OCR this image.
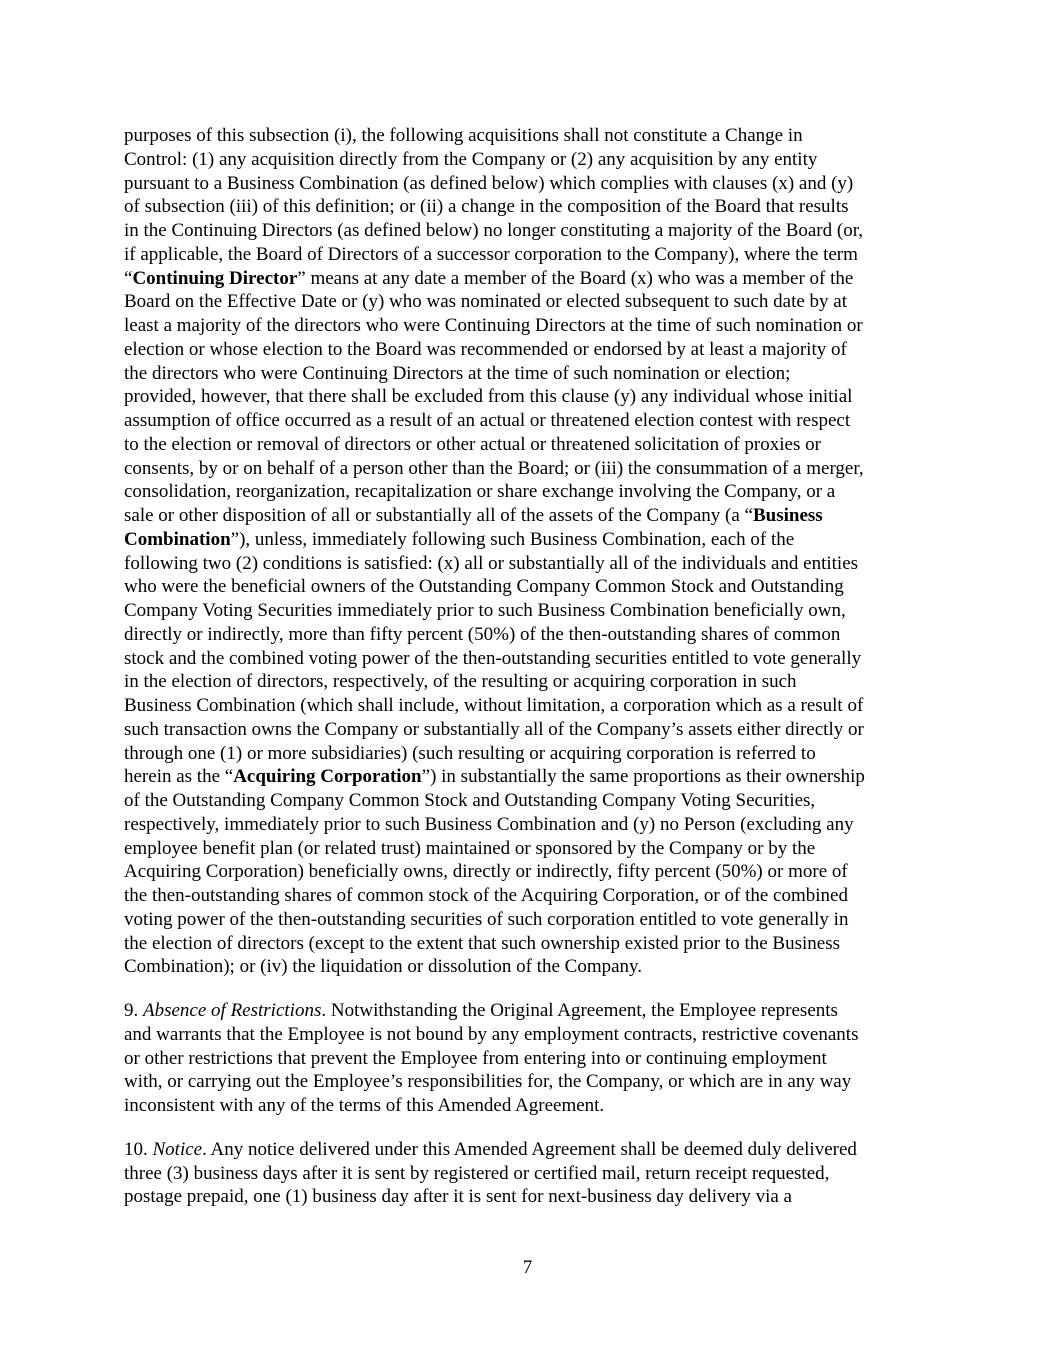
purposes of this subsection (i), the following acquisitions shall not constitute a Change in
Control: (1) any acquisition directly from the Company or (2) any acquisition by any entity
pursuant to a Business Combination (as defined below) which complies with clauses (x) and (y)
of subsection (iii) of this definition; or (ii) a change in the composition of the Board that results
in the Continuing Directors (as defined below) no longer constituting a majority of the Board (or,
if applicable, the Board of Directors of a successor corporation to the Company), where the term
“Continuing Director” means at any date a member of the Board (x) who was a member of the
Board on the Effective Date or (y) who was nominated or elected subsequent to such date by at
least a majority of the directors who were Continuing Directors at the time of such nomination or
election or whose election to the Board was recommended or endorsed by at least a majority of
the directors who were Continuing Directors at the time of such nomination or election;
provided, however, that there shall be excluded from this clause (y) any individual whose initial
assumption of office occurred as a result of an actual or threatened election contest with respect
to the election or removal of directors or other actual or threatened solicitation of proxies or
consents, by or on behalf of a person other than the Board; or (iii) the consummation of a merger,
consolidation, reorganization, recapitalization or share exchange involving the Company, or a
sale or other disposition of all or substantially all of the assets of the Company (a “Business
Combination”), unless, immediately following such Business Combination, each of the
following two (2) conditions is satisfied: (x) all or substantially all of the individuals and entities
who were the beneficial owners of the Outstanding Company Common Stock and Outstanding
Company Voting Securities immediately prior to such Business Combination beneficially own,
directly or indirectly, more than fifty percent (50%) of the then-outstanding shares of common
stock and the combined voting power of the then-outstanding securities entitled to vote generally
in the election of directors, respectively, of the resulting or acquiring corporation in such
Business Combination (which shall include, without limitation, a corporation which as a result of
such transaction owns the Company or substantially all of the Company’s assets either directly or
through one (1) or more subsidiaries) (such resulting or acquiring corporation is referred to
herein as the “Acquiring Corporation”) in substantially the same proportions as their ownership
of the Outstanding Company Common Stock and Outstanding Company Voting Securities,
respectively, immediately prior to such Business Combination and (y) no Person (excluding any
employee benefit plan (or related trust) maintained or sponsored by the Company or by the
Acquiring Corporation) beneficially owns, directly or indirectly, fifty percent (50%) or more of
the then-outstanding shares of common stock of the Acquiring Corporation, or of the combined
voting power of the then-outstanding securities of such corporation entitled to vote generally in
the election of directors (except to the extent that such ownership existed prior to the Business
Combination); or (iv) the liquidation or dissolution of the Company.
9. Absence of Restrictions. Notwithstanding the Original Agreement, the Employee represents
and warrants that the Employee is not bound by any employment contracts, restrictive covenants
or other restrictions that prevent the Employee from entering into or continuing employment
with, or carrying out the Employee’s responsibilities for, the Company, or which are in any way
inconsistent with any of the terms of this Amended Agreement.
10. Notice. Any notice delivered under this Amended Agreement shall be deemed duly delivered
three (3) business days after it is sent by registered or certified mail, return receipt requested,
postage prepaid, one (1) business day after it is sent for next-business day delivery via a
7
